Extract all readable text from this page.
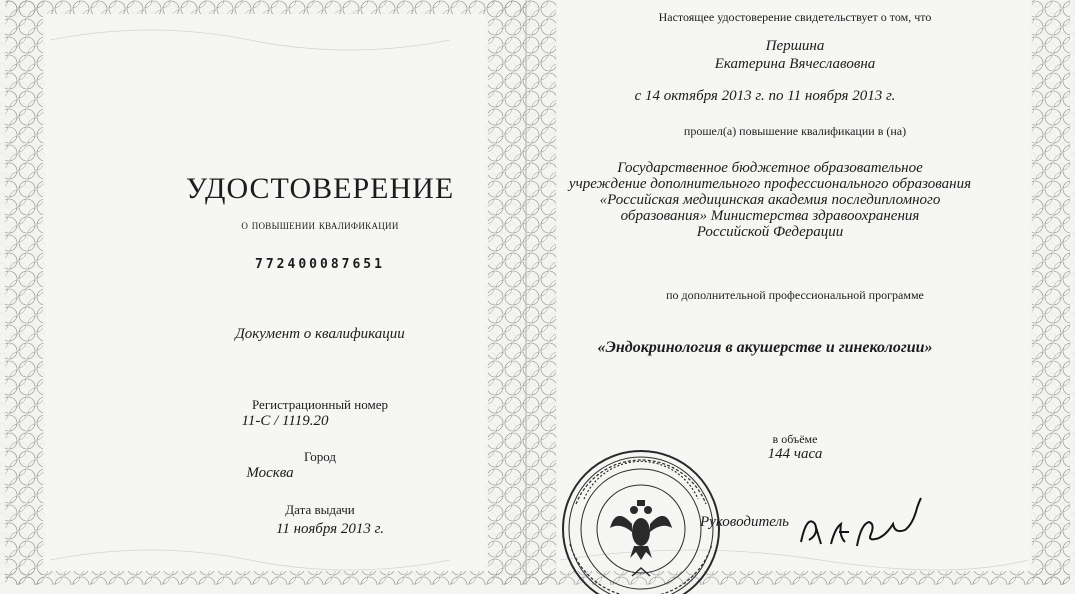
УДОСТОВЕРЕНИЕ
о повышении квалификации
772400087651
Документ о квалификации
Регистрационный номер
11-С / 1119.20
Город
Москва
Дата выдачи
11 ноября 2013 г.
Настоящее удостоверение свидетельствует о том, что
Першина
Екатерина Вячеславовна
с 14 октября 2013 г. по 11 ноября 2013 г.
прошел(а) повышение квалификации в (на)
Государственное бюджетное образовательное
учреждение дополнительного профессионального образования
«Российская медицинская академия последипломного
образования» Министерства здравоохранения
Российской Федерации
по дополнительной профессиональной программе
«Эндокринология в акушерстве и гинекологии»
в объёме
144 часа
Руководитель
